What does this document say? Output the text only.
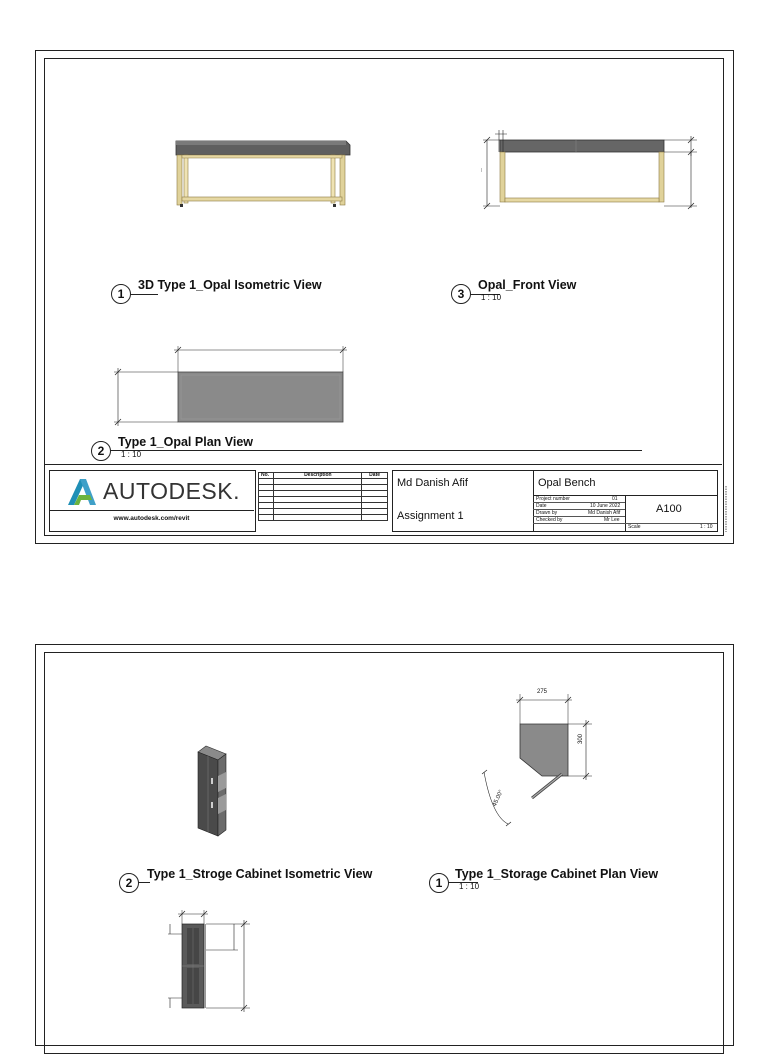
—
1
3D Type 1_Opal Isometric View
3
Opal_Front View
1 : 10
2
Type 1_Opal Plan View
1 : 10
AUTODESK.
www.autodesk.com/revit
No.	Description	Date

Md Danish Afif
Assignment 1
Opal Bench
Project number	01
Date	10 June 2022
Drawn by	Md Danish Afif
Checked by	Mr Lee
A100
Scale	1 : 10
275
300
45.00°
2
Type 1_Stroge Cabinet Isometric View
1
Type 1_Storage Cabinet Plan View
1 : 10
